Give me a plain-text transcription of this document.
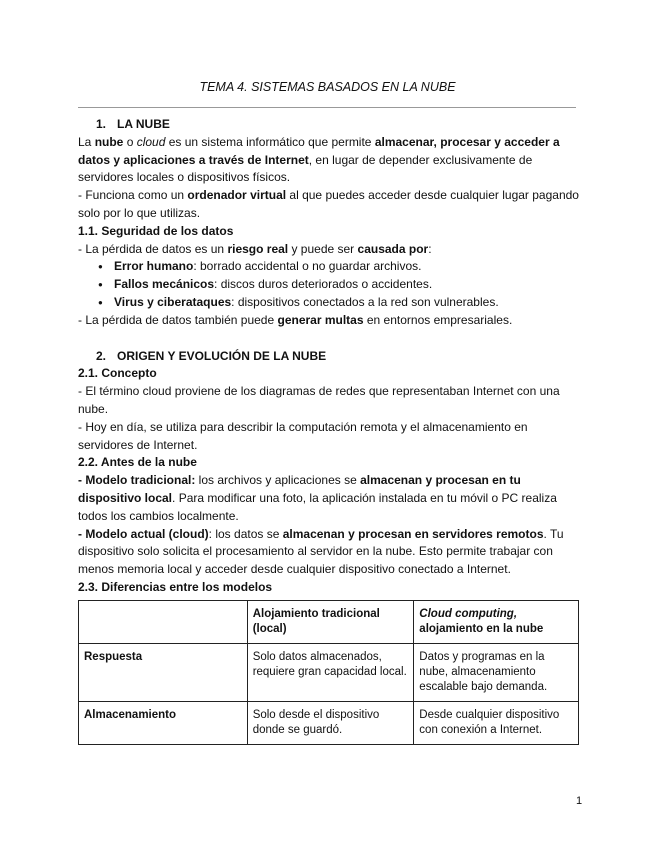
TEMA 4. SISTEMAS BASADOS EN LA NUBE

1. LA NUBE

La nube o cloud es un sistema informático que permite almacenar, procesar y acceder a datos y aplicaciones a través de Internet, en lugar de depender exclusivamente de servidores locales o dispositivos físicos.

- Funciona como un ordenador virtual al que puedes acceder desde cualquier lugar pagando solo por lo que utilizas.

1.1. Seguridad de los datos

- La pérdida de datos es un riesgo real y puede ser causada por:

● Error humano: borrado accidental o no guardar archivos.
● Fallos mecánicos: discos duros deteriorados o accidentes.
● Virus y ciberataques: dispositivos conectados a la red son vulnerables.

- La pérdida de datos también puede generar multas en entornos empresariales.

2. ORIGEN Y EVOLUCIÓN DE LA NUBE

2.1. Concepto

- El término cloud proviene de los diagramas de redes que representaban Internet con una nube.

- Hoy en día, se utiliza para describir la computación remota y el almacenamiento en servidores de Internet.

2.2. Antes de la nube

- Modelo tradicional: los archivos y aplicaciones se almacenan y procesan en tu dispositivo local. Para modificar una foto, la aplicación instalada en tu móvil o PC realiza todos los cambios localmente.

- Modelo actual (cloud): los datos se almacenan y procesan en servidores remotos. Tu dispositivo solo solicita el procesamiento al servidor en la nube. Esto permite trabajar con menos memoria local y acceder desde cualquier dispositivo conectado a Internet.

2.3. Diferencias entre los modelos

	Alojamiento tradicional (local)	Cloud computing,
alojamiento en la nube
Respuesta	Solo datos almacenados, requiere gran capacidad local.	Datos y programas en la nube, almacenamiento escalable bajo demanda.
Almacenamiento	Solo desde el dispositivo donde se guardó.	Desde cualquier dispositivo con conexión a Internet.
1
